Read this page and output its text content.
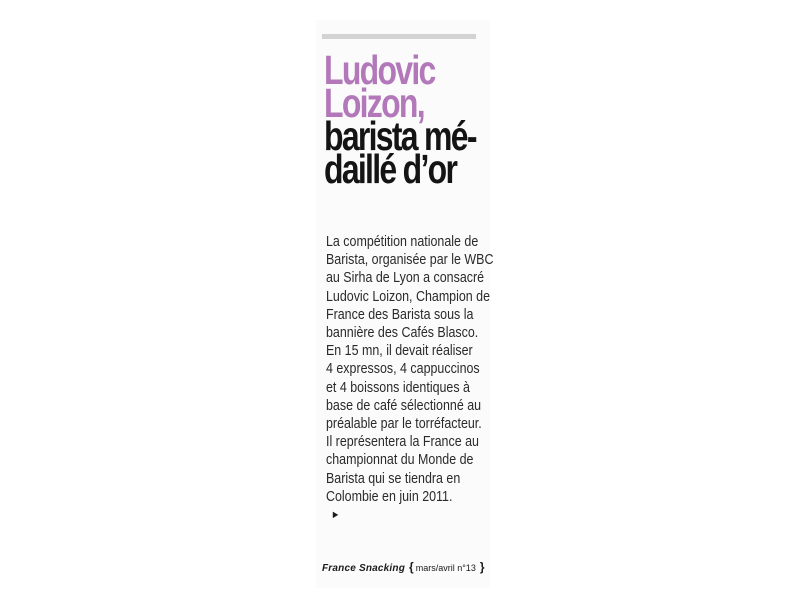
Ludovic
Loizon,
barista mé-
daillé d’or
La compétition nationale de
Barista, organisée par le WBC
au Sirha de Lyon a consacré
Ludovic Loizon, Champion de
France des Barista sous la
bannière des Cafés Blasco.
En 15 mn, il devait réaliser
4 expressos, 4 cappuccinos
et 4 boissons identiques à
base de café sélectionné au
préalable par le torréfacteur.
Il représentera la France au
championnat du Monde de
Barista qui se tiendra en
Colombie en juin 2011.
►
France Snacking { mars/avril n°13 }
